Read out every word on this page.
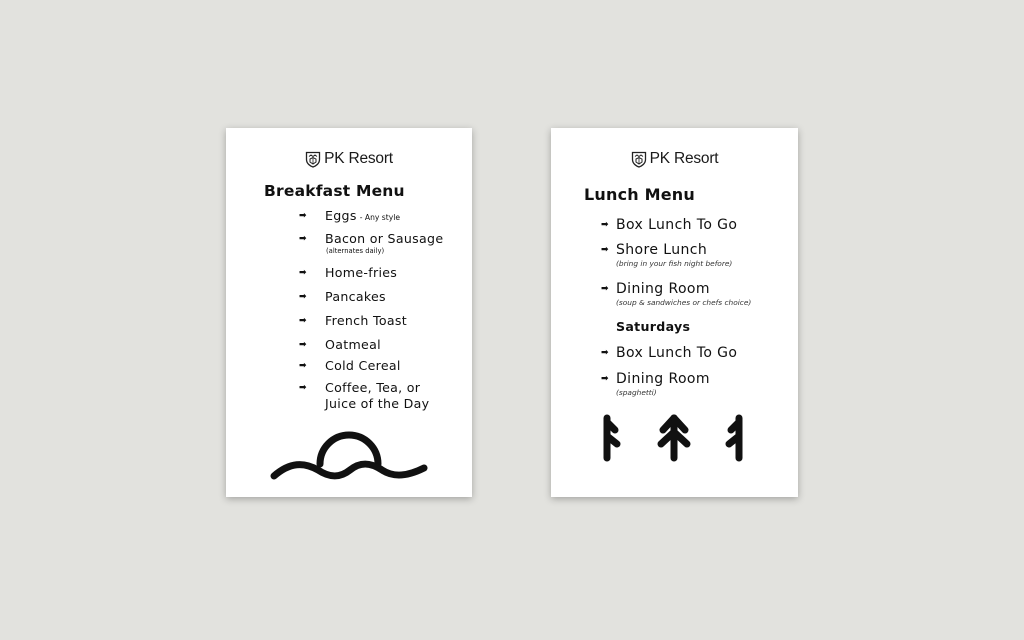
PK Resort
Breakfast Menu
➡ Eggs - Any style
➡ Bacon or Sausage
(alternates daily)
➡ Home-fries
➡ Pancakes
➡ French Toast
➡ Oatmeal
➡ Cold Cereal
➡ Coffee, Tea, or
Juice of the Day
PK Resort
Lunch Menu
➡ Box Lunch To Go
➡ Shore Lunch
(bring in your fish night before)
➡ Dining Room
(soup & sandwiches or chefs choice)
Saturdays
➡ Box Lunch To Go
➡ Dining Room
(spaghetti)
